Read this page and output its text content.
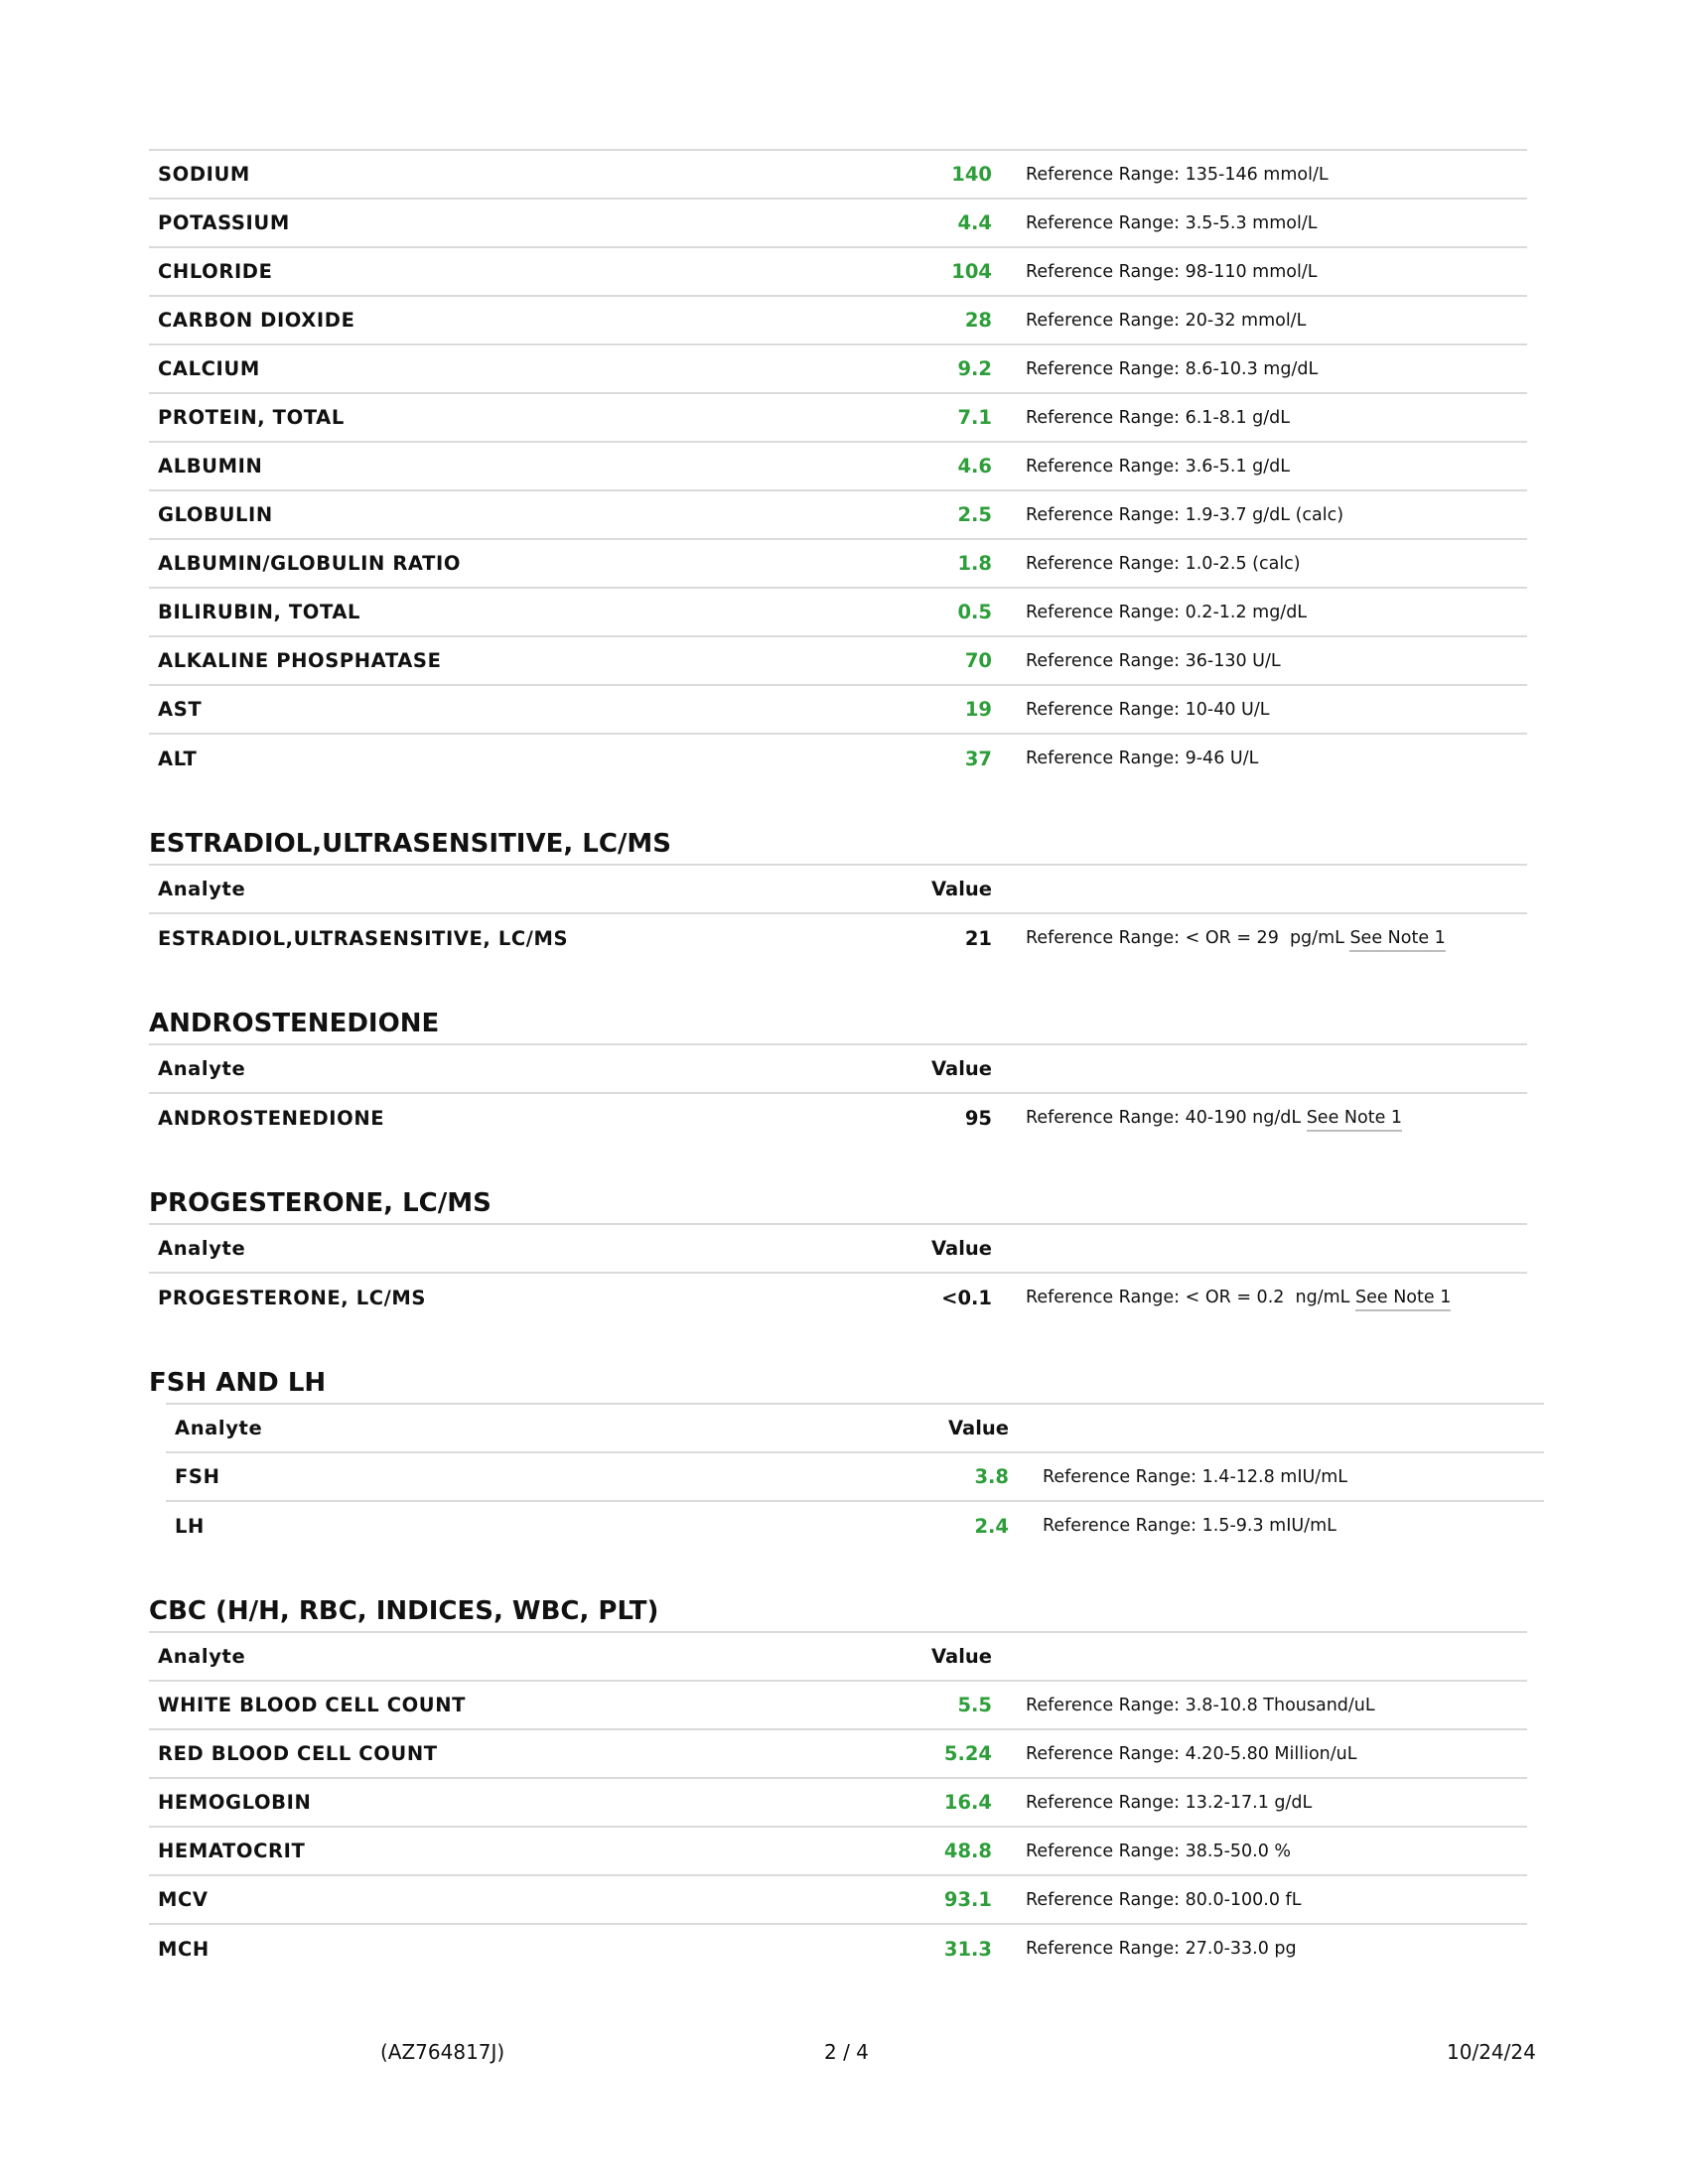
SODIUM	140	Reference Range: 135-146 mmol/L
POTASSIUM	4.4	Reference Range: 3.5-5.3 mmol/L
CHLORIDE	104	Reference Range: 98-110 mmol/L
CARBON DIOXIDE	28	Reference Range: 20-32 mmol/L
CALCIUM	9.2	Reference Range: 8.6-10.3 mg/dL
PROTEIN, TOTAL	7.1	Reference Range: 6.1-8.1 g/dL
ALBUMIN	4.6	Reference Range: 3.6-5.1 g/dL
GLOBULIN	2.5	Reference Range: 1.9-3.7 g/dL (calc)
ALBUMIN/GLOBULIN RATIO	1.8	Reference Range: 1.0-2.5 (calc)
BILIRUBIN, TOTAL	0.5	Reference Range: 0.2-1.2 mg/dL
ALKALINE PHOSPHATASE	70	Reference Range: 36-130 U/L
AST	19	Reference Range: 10-40 U/L
ALT	37	Reference Range: 9-46 U/L
ESTRADIOL,ULTRASENSITIVE, LC/MS
Analyte	Value	
ESTRADIOL,ULTRASENSITIVE, LC/MS	21	Reference Range: < OR = 29  pg/mL See Note 1
ANDROSTENEDIONE
Analyte	Value	
ANDROSTENEDIONE	95	Reference Range: 40-190 ng/dL See Note 1
PROGESTERONE, LC/MS
Analyte	Value	
PROGESTERONE, LC/MS	<0.1	Reference Range: < OR = 0.2  ng/mL See Note 1
FSH AND LH
Analyte	Value	
FSH	3.8	Reference Range: 1.4-12.8 mIU/mL
LH	2.4	Reference Range: 1.5-9.3 mIU/mL
CBC (H/H, RBC, INDICES, WBC, PLT)
Analyte	Value	
WHITE BLOOD CELL COUNT	5.5	Reference Range: 3.8-10.8 Thousand/uL
RED BLOOD CELL COUNT	5.24	Reference Range: 4.20-5.80 Million/uL
HEMOGLOBIN	16.4	Reference Range: 13.2-17.1 g/dL
HEMATOCRIT	48.8	Reference Range: 38.5-50.0 %
MCV	93.1	Reference Range: 80.0-100.0 fL
MCH	31.3	Reference Range: 27.0-33.0 pg
(AZ764817J)	2 / 4	10/24/24
